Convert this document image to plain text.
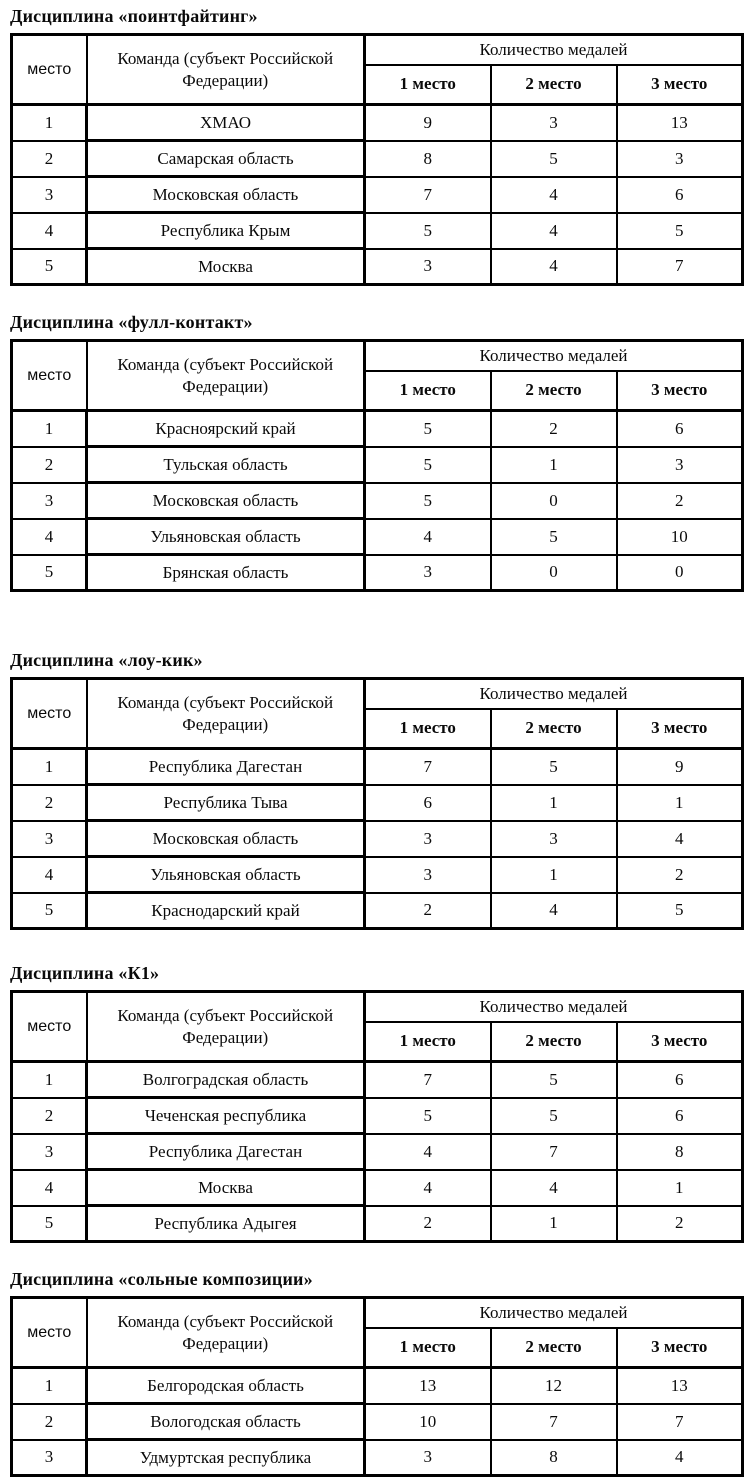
Дисциплина «поинтфайтинг»

место	Команда (субъект Российской Федерации)	Количество медалей		
		1 место	2 место	3 место
1	ХМАО	9	3	13
2	Самарская область	8	5	3
3	Московская область	7	4	6
4	Республика Крым	5	4	5
5	Москва	3	4	7

Дисциплина «фулл-контакт»

место	Команда (субъект Российской Федерации)	Количество медалей		
		1 место	2 место	3 место
1	Красноярский край	5	2	6
2	Тульская область	5	1	3
3	Московская область	5	0	2
4	Ульяновская область	4	5	10
5	Брянская область	3	0	0

Дисциплина «лоу-кик»

место	Команда (субъект Российской Федерации)	Количество медалей		
		1 место	2 место	3 место
1	Республика Дагестан	7	5	9
2	Республика Тыва	6	1	1
3	Московская область	3	3	4
4	Ульяновская область	3	1	2
5	Краснодарский край	2	4	5

Дисциплина «К1»

место	Команда (субъект Российской Федерации)	Количество медалей		
		1 место	2 место	3 место
1	Волгоградская область	7	5	6
2	Чеченская республика	5	5	6
3	Республика Дагестан	4	7	8
4	Москва	4	4	1
5	Республика Адыгея	2	1	2

Дисциплина «сольные композиции»

место	Команда (субъект Российской Федерации)	Количество медалей		
		1 место	2 место	3 место
1	Белгородская область	13	12	13
2	Вологодская область	10	7	7
3	Удмуртская республика	3	8	4
